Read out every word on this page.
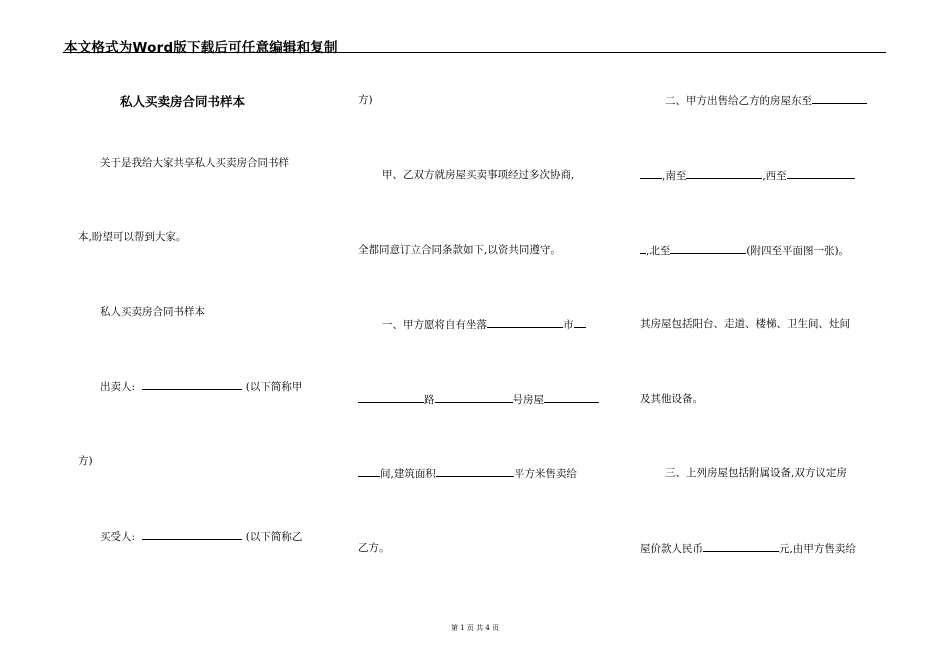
本文格式为Word版下载后可任意编辑和复制
私人买卖房合同书样本
关于是我给大家共享私人买卖房合同书样
本,盼望可以帮到大家。
私人买卖房合同书样本
出卖人:	(以下简称甲
方)
买受人:	(以下简称乙
方)
甲、乙双方就房屋买卖事项经过多次协商,
全都同意订立合同条款如下,以资共同遵守。
一、甲方愿将自有坐落	市
路	号房屋
间,建筑面积	平方米售卖给
乙方。
二、甲方出售给乙方的房屋东至
,南至	,西至
,北至	(附四至平面图一张)。
其房屋包括阳台、走道、楼梯、卫生间、灶间
及其他设备。
三、上列房屋包括附属设备,双方议定房
屋价款人民币	元,由甲方售卖给
第 1 页 共 4 页
